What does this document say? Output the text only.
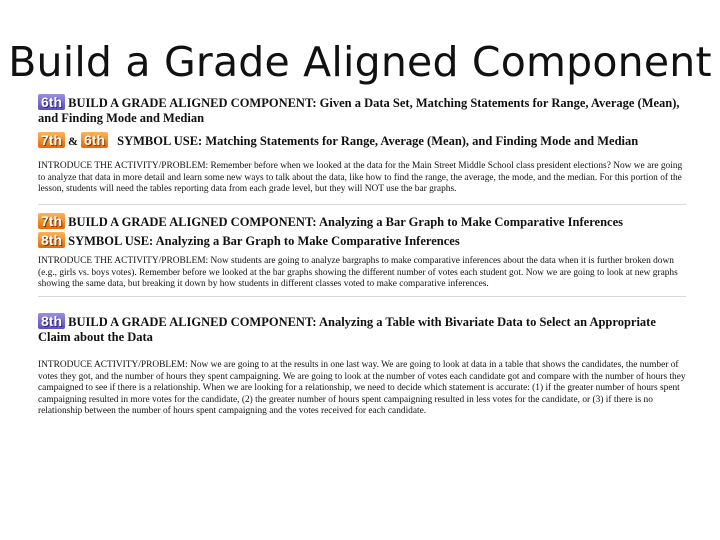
Build a Grade Aligned Component
6th BUILD A GRADE ALIGNED COMPONENT: Given a Data Set, Matching Statements for Range, Average (Mean), and Finding Mode and Median
7th & 6th SYMBOL USE: Matching Statements for Range, Average (Mean), and Finding Mode and Median
INTRODUCE THE ACTIVITY/PROBLEM: Remember before when we looked at the data for the Main Street Middle School class president elections? Now we are going to analyze that data in more detail and learn some new ways to talk about the data, like how to find the range, the average, the mode, and the median. For this portion of the lesson, students will need the tables reporting data from each grade level, but they will NOT use the bar graphs.
7th BUILD A GRADE ALIGNED COMPONENT: Analyzing a Bar Graph to Make Comparative Inferences
8th SYMBOL USE: Analyzing a Bar Graph to Make Comparative Inferences
INTRODUCE THE ACTIVITY/PROBLEM: Now students are going to analyze bargraphs to make comparative inferences about the data when it is further broken down (e.g., girls vs. boys votes). Remember before we looked at the bar graphs showing the different number of votes each student got. Now we are going to look at new graphs showing the same data, but breaking it down by how students in different classes voted to make comparative inferences.
8th BUILD A GRADE ALIGNED COMPONENT: Analyzing a Table with Bivariate Data to Select an Appropriate Claim about the Data
INTRODUCE ACTIVITY/PROBLEM: Now we are going to at the results in one last way. We are going to look at data in a table that shows the candidates, the number of votes they got, and the number of hours they spent campaigning. We are going to look at the number of votes each candidate got and compare with the number of hours they campaigned to see if there is a relationship. When we are looking for a relationship, we need to decide which statement is accurate: (1) if the greater number of hours spent campaigning resulted in more votes for the candidate, (2) the greater number of hours spent campaigning resulted in less votes for the candidate, or (3) if there is no relationship between the number of hours spent campaigning and the votes received for each candidate.
